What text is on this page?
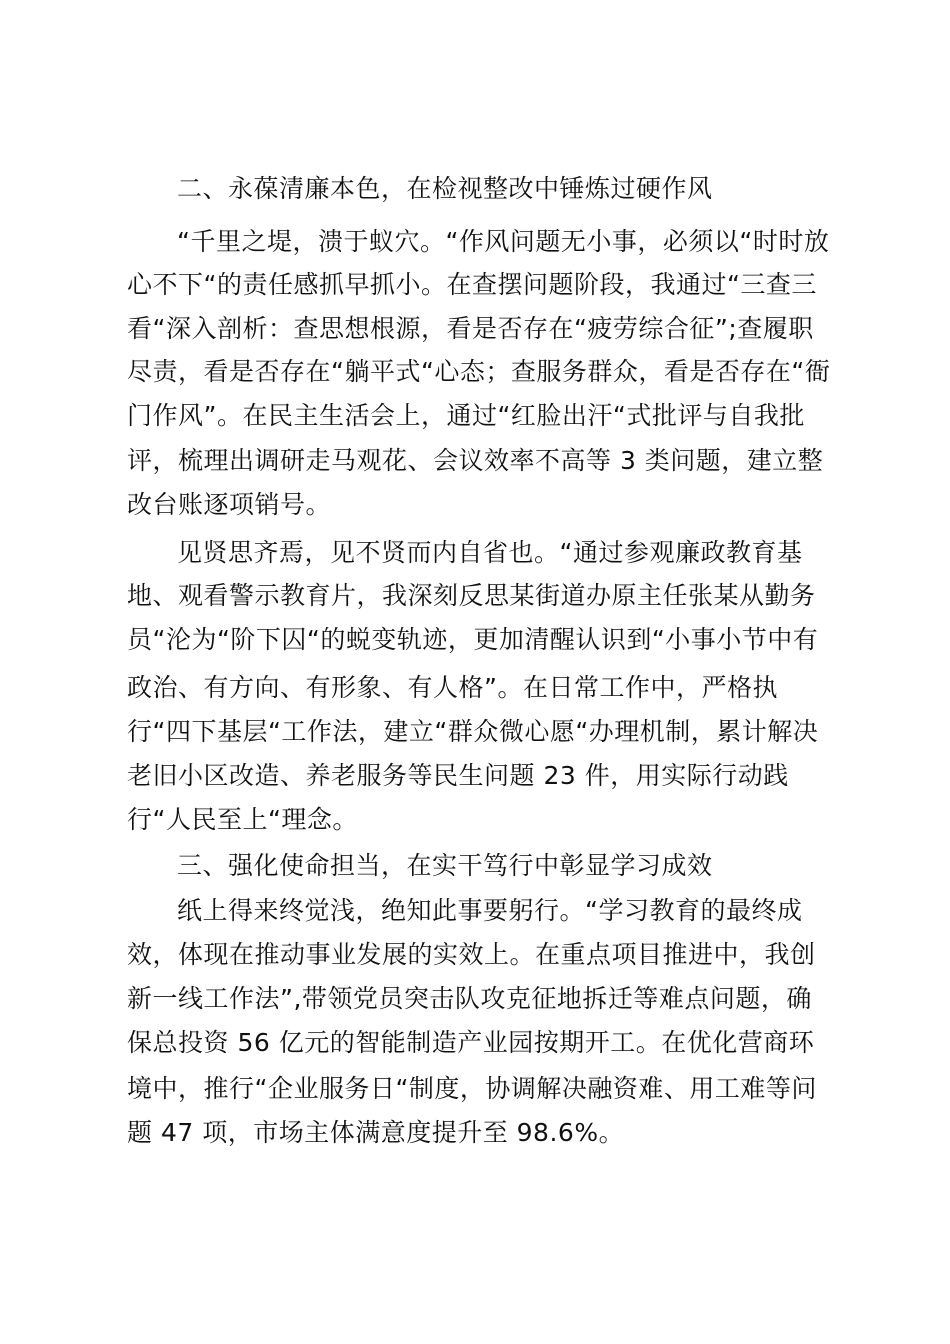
二、永葆清廉本色，在检视整改中锤炼过硬作风
“千里之堤，溃于蚁穴。“作风问题无小事，必须以“时时放
心不下“的责任感抓早抓小。在查摆问题阶段，我通过“三查三
看“深入剖析：查思想根源，看是否存在“疲劳综合征”;查履职
尽责，看是否存在“躺平式“心态；查服务群众，看是否存在“衙
门作风”。在民主生活会上，通过“红脸出汗“式批评与自我批
评，梳理出调研走马观花、会议效率不高等 3 类问题，建立整
改台账逐项销号。
见贤思齐焉，见不贤而内自省也。“通过参观廉政教育基
地、观看警示教育片，我深刻反思某街道办原主任张某从勤务
员“沦为“阶下囚“的蜕变轨迹，更加清醒认识到“小事小节中有
政治、有方向、有形象、有人格”。在日常工作中，严格执
行“四下基层“工作法，建立“群众微心愿“办理机制，累计解决
老旧小区改造、养老服务等民生问题 23 件，用实际行动践
行“人民至上“理念。
三、强化使命担当，在实干笃行中彰显学习成效
纸上得来终觉浅，绝知此事要躬行。“学习教育的最终成
效，体现在推动事业发展的实效上。在重点项目推进中，我创
新一线工作法”,带领党员突击队攻克征地拆迁等难点问题，确
保总投资 56 亿元的智能制造产业园按期开工。在优化营商环
境中，推行“企业服务日“制度，协调解决融资难、用工难等问
题 47 项，市场主体满意度提升至 98.6%。
